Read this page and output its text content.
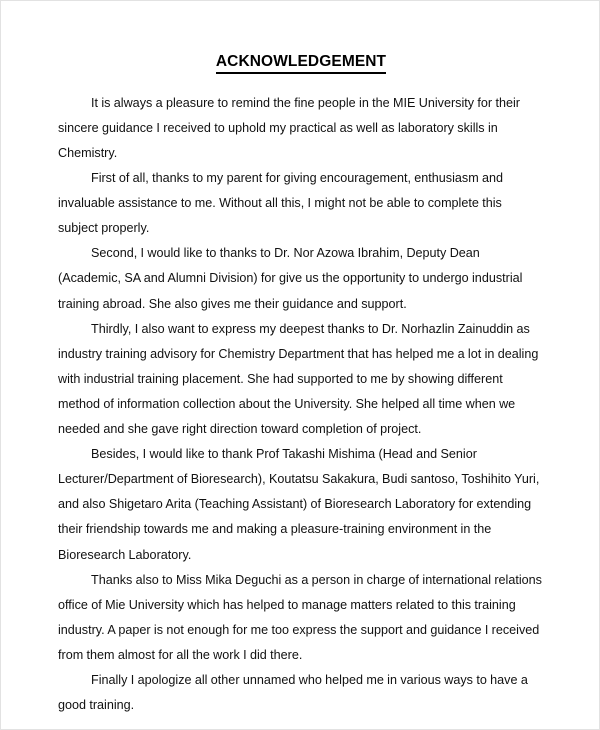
ACKNOWLEDGEMENT

It is always a pleasure to remind the fine people in the MIE University for their sincere guidance I received to uphold my practical as well as laboratory skills in Chemistry.

First of all, thanks to my parent for giving encouragement, enthusiasm and invaluable assistance to me. Without all this, I might not be able to complete this subject properly.

Second, I would like to thanks to Dr. Nor Azowa Ibrahim, Deputy Dean (Academic, SA and Alumni Division) for give us the opportunity to undergo industrial training abroad. She also gives me their guidance and support.

Thirdly, I also want to express my deepest thanks to Dr. Norhazlin Zainuddin as industry training advisory for Chemistry Department that has helped me a lot in dealing with industrial training placement. She had supported to me by showing different method of information collection about the University. She helped all time when we needed and she gave right direction toward completion of project.

Besides, I would like to thank Prof Takashi Mishima (Head and Senior Lecturer/Department of Bioresearch), Koutatsu Sakakura, Budi santoso, Toshihito Yuri, and also Shigetaro Arita (Teaching Assistant) of Bioresearch Laboratory for extending their friendship towards me and making a pleasure-training environment in the Bioresearch Laboratory.

Thanks also to Miss Mika Deguchi as a person in charge of international relations office of Mie University which has helped to manage matters related to this training industry. A paper is not enough for me too express the support and guidance I received from them almost for all the work I did there.

Finally I apologize all other unnamed who helped me in various ways to have a good training.
